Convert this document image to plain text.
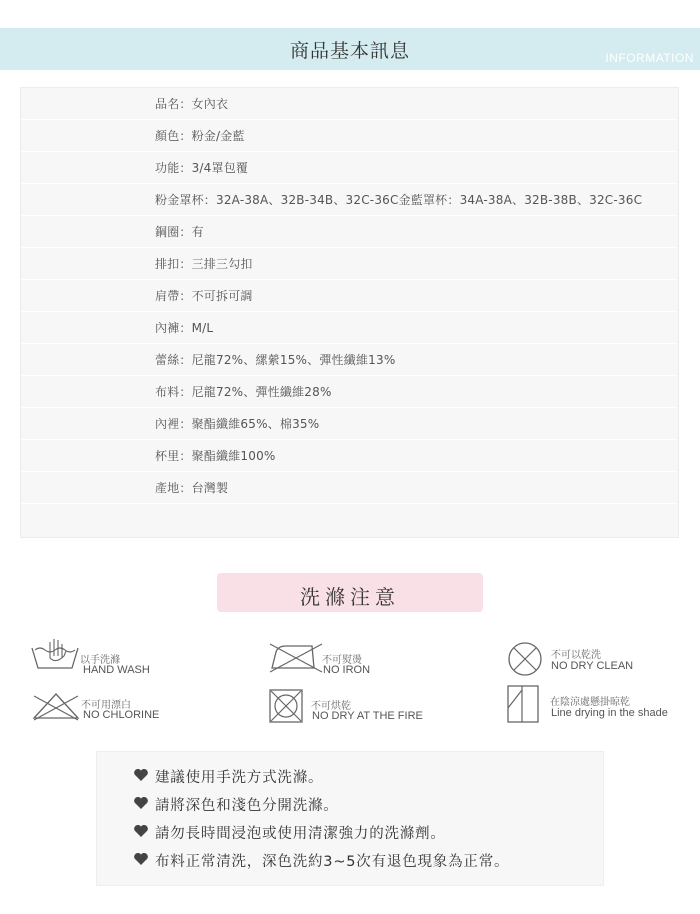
商品基本訊息	INFORMATION
品名：女內衣
顏色：粉金/金藍
功能：3/4罩包覆
粉金罩杯：32A-38A、32B-34B、32C-36C金藍罩杯：34A-38A、32B-38B、32C-36C
鋼圈：有
排扣：三排三勾扣
肩帶：不可拆可調
內褲：M/L
蕾絲：尼龍72%、縲縈15%、彈性纖維13%
布料：尼龍72%、彈性纖維28%
內裡：聚酯纖維65%、棉35%
杯里：聚酯纖維100%
產地：台灣製
洗滌注意
以手洗滌
HAND WASH
不可熨燙
NO IRON
不可以乾洗
NO DRY CLEAN
不可用漂白
NO CHLORINE
不可烘乾
NO DRY AT THE FIRE
在陰涼處懸掛晾乾
Line drying in the shade
建議使用手洗方式洗滌。
請將深色和淺色分開洗滌。
請勿長時間浸泡或使用清潔強力的洗滌劑。
布料正常清洗，深色洗約3~5次有退色現象為正常。
